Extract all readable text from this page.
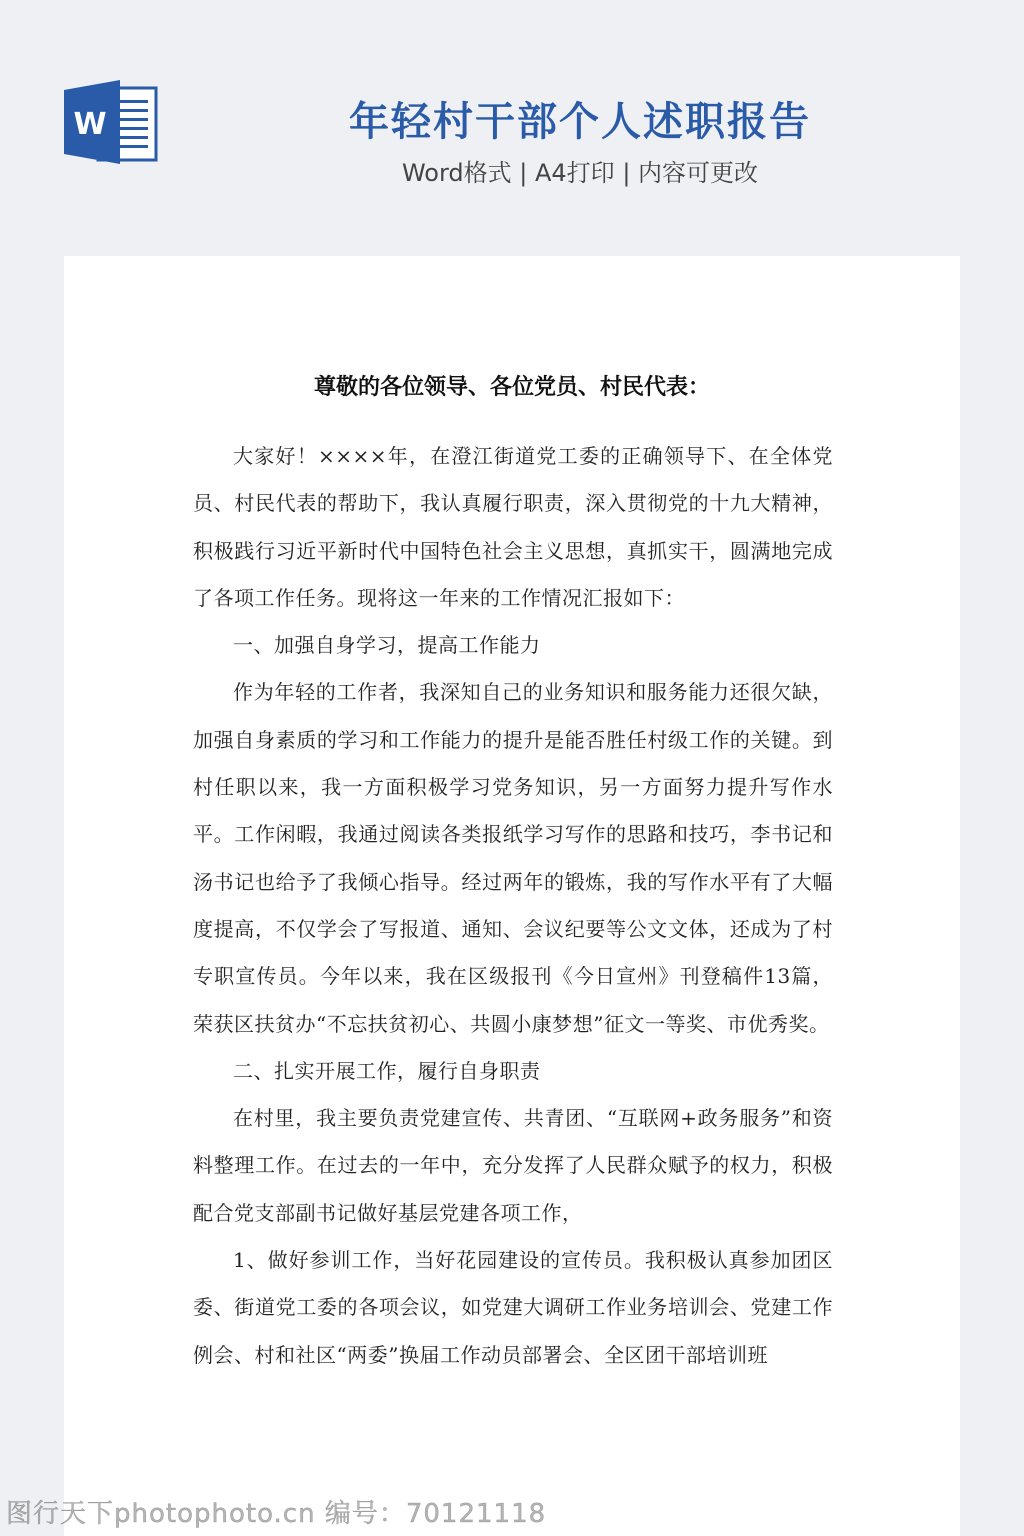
W	年轻村干部个人述职报告
Word格式 | A4打印 | 内容可更改
尊敬的各位领导、各位党员、村民代表：

大家好！××××年，在澄江街道党工委的正确领导下、在全体党员、村民代表的帮助下，我认真履行职责，深入贯彻党的十九大精神，积极践行习近平新时代中国特色社会主义思想，真抓实干，圆满地完成了各项工作任务。现将这一年来的工作情况汇报如下：

一、加强自身学习，提高工作能力

作为年轻的工作者，我深知自己的业务知识和服务能力还很欠缺，加强自身素质的学习和工作能力的提升是能否胜任村级工作的关键。到村任职以来，我一方面积极学习党务知识，另一方面努力提升写作水平。工作闲暇，我通过阅读各类报纸学习写作的思路和技巧，李书记和汤书记也给予了我倾心指导。经过两年的锻炼，我的写作水平有了大幅度提高，不仅学会了写报道、通知、会议纪要等公文文体，还成为了村专职宣传员。今年以来，我在区级报刊《今日宣州》刊登稿件13篇，荣获区扶贫办“不忘扶贫初心、共圆小康梦想”征文一等奖、市优秀奖。

二、扎实开展工作，履行自身职责

在村里，我主要负责党建宣传、共青团、“互联网+政务服务”和资料整理工作。在过去的一年中，充分发挥了人民群众赋予的权力，积极配合党支部副书记做好基层党建各项工作，

1、做好参训工作，当好花园建设的宣传员。我积极认真参加团区委、街道党工委的各项会议，如党建大调研工作业务培训会、党建工作例会、村和社区“两委”换届工作动员部署会、全区团干部培训班

图行天下photophoto.cn 编号：70121118
